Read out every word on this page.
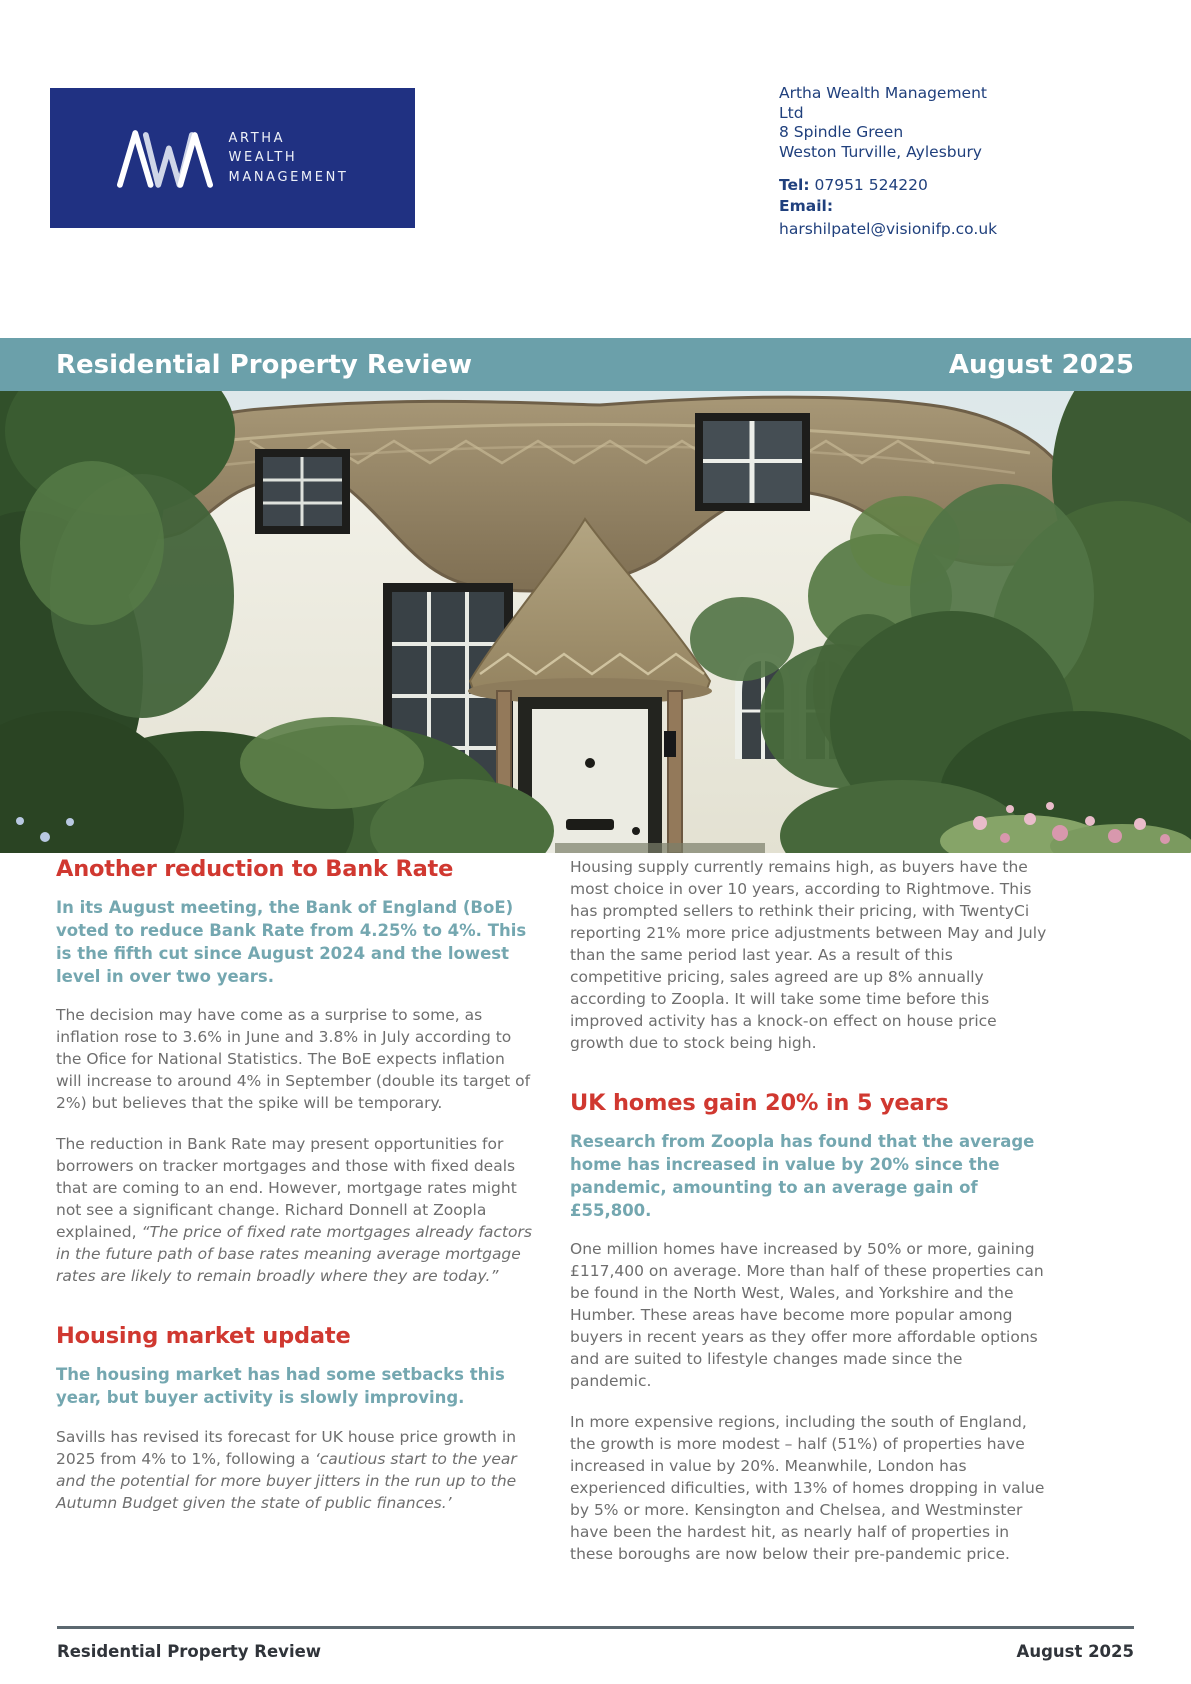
ARTHA
WEALTH
MANAGEMENT
Artha Wealth Management
Ltd
8 Spindle Green
Weston Turville, Aylesbury
Tel: 07951 524220
Email:
harshilpatel@visionifp.co.uk
Residential Property Review	August 2025
Another reduction to Bank Rate

In its August meeting, the Bank of England (BoE) voted to reduce Bank Rate from 4.25% to 4%. This is the fifth cut since August 2024 and the lowest level in over two years.

The decision may have come as a surprise to some, as inflation rose to 3.6% in June and 3.8% in July according to the Ofice for National Statistics. The BoE expects inflation will increase to around 4% in September (double its target of 2%) but believes that the spike will be temporary.

The reduction in Bank Rate may present opportunities for borrowers on tracker mortgages and those with fixed deals that are coming to an end. However, mortgage rates might not see a significant change. Richard Donnell at Zoopla explained, “The price of fixed rate mortgages already factors in the future path of base rates meaning average mortgage rates are likely to remain broadly where they are today.”

Housing market update

The housing market has had some setbacks this year, but buyer activity is slowly improving.

Savills has revised its forecast for UK house price growth in 2025 from 4% to 1%, following a ‘cautious start to the year and the potential for more buyer jitters in the run up to the Autumn Budget given the state of public finances.’

Housing supply currently remains high, as buyers have the most choice in over 10 years, according to Rightmove. This has prompted sellers to rethink their pricing, with TwentyCi reporting 21% more price adjustments between May and July than the same period last year. As a result of this competitive pricing, sales agreed are up 8% annually according to Zoopla. It will take some time before this improved activity has a knock-on effect on house price growth due to stock being high.

UK homes gain 20% in 5 years

Research from Zoopla has found that the average home has increased in value by 20% since the pandemic, amounting to an average gain of £55,800.

One million homes have increased by 50% or more, gaining £117,400 on average. More than half of these properties can be found in the North West, Wales, and Yorkshire and the Humber. These areas have become more popular among buyers in recent years as they offer more affordable options and are suited to lifestyle changes made since the pandemic.

In more expensive regions, including the south of England, the growth is more modest – half (51%) of properties have increased in value by 20%. Meanwhile, London has experienced dificulties, with 13% of homes dropping in value by 5% or more. Kensington and Chelsea, and Westminster have been the hardest hit, as nearly half of properties in these boroughs are now below their pre-pandemic price.

Residential Property Review	August 2025
